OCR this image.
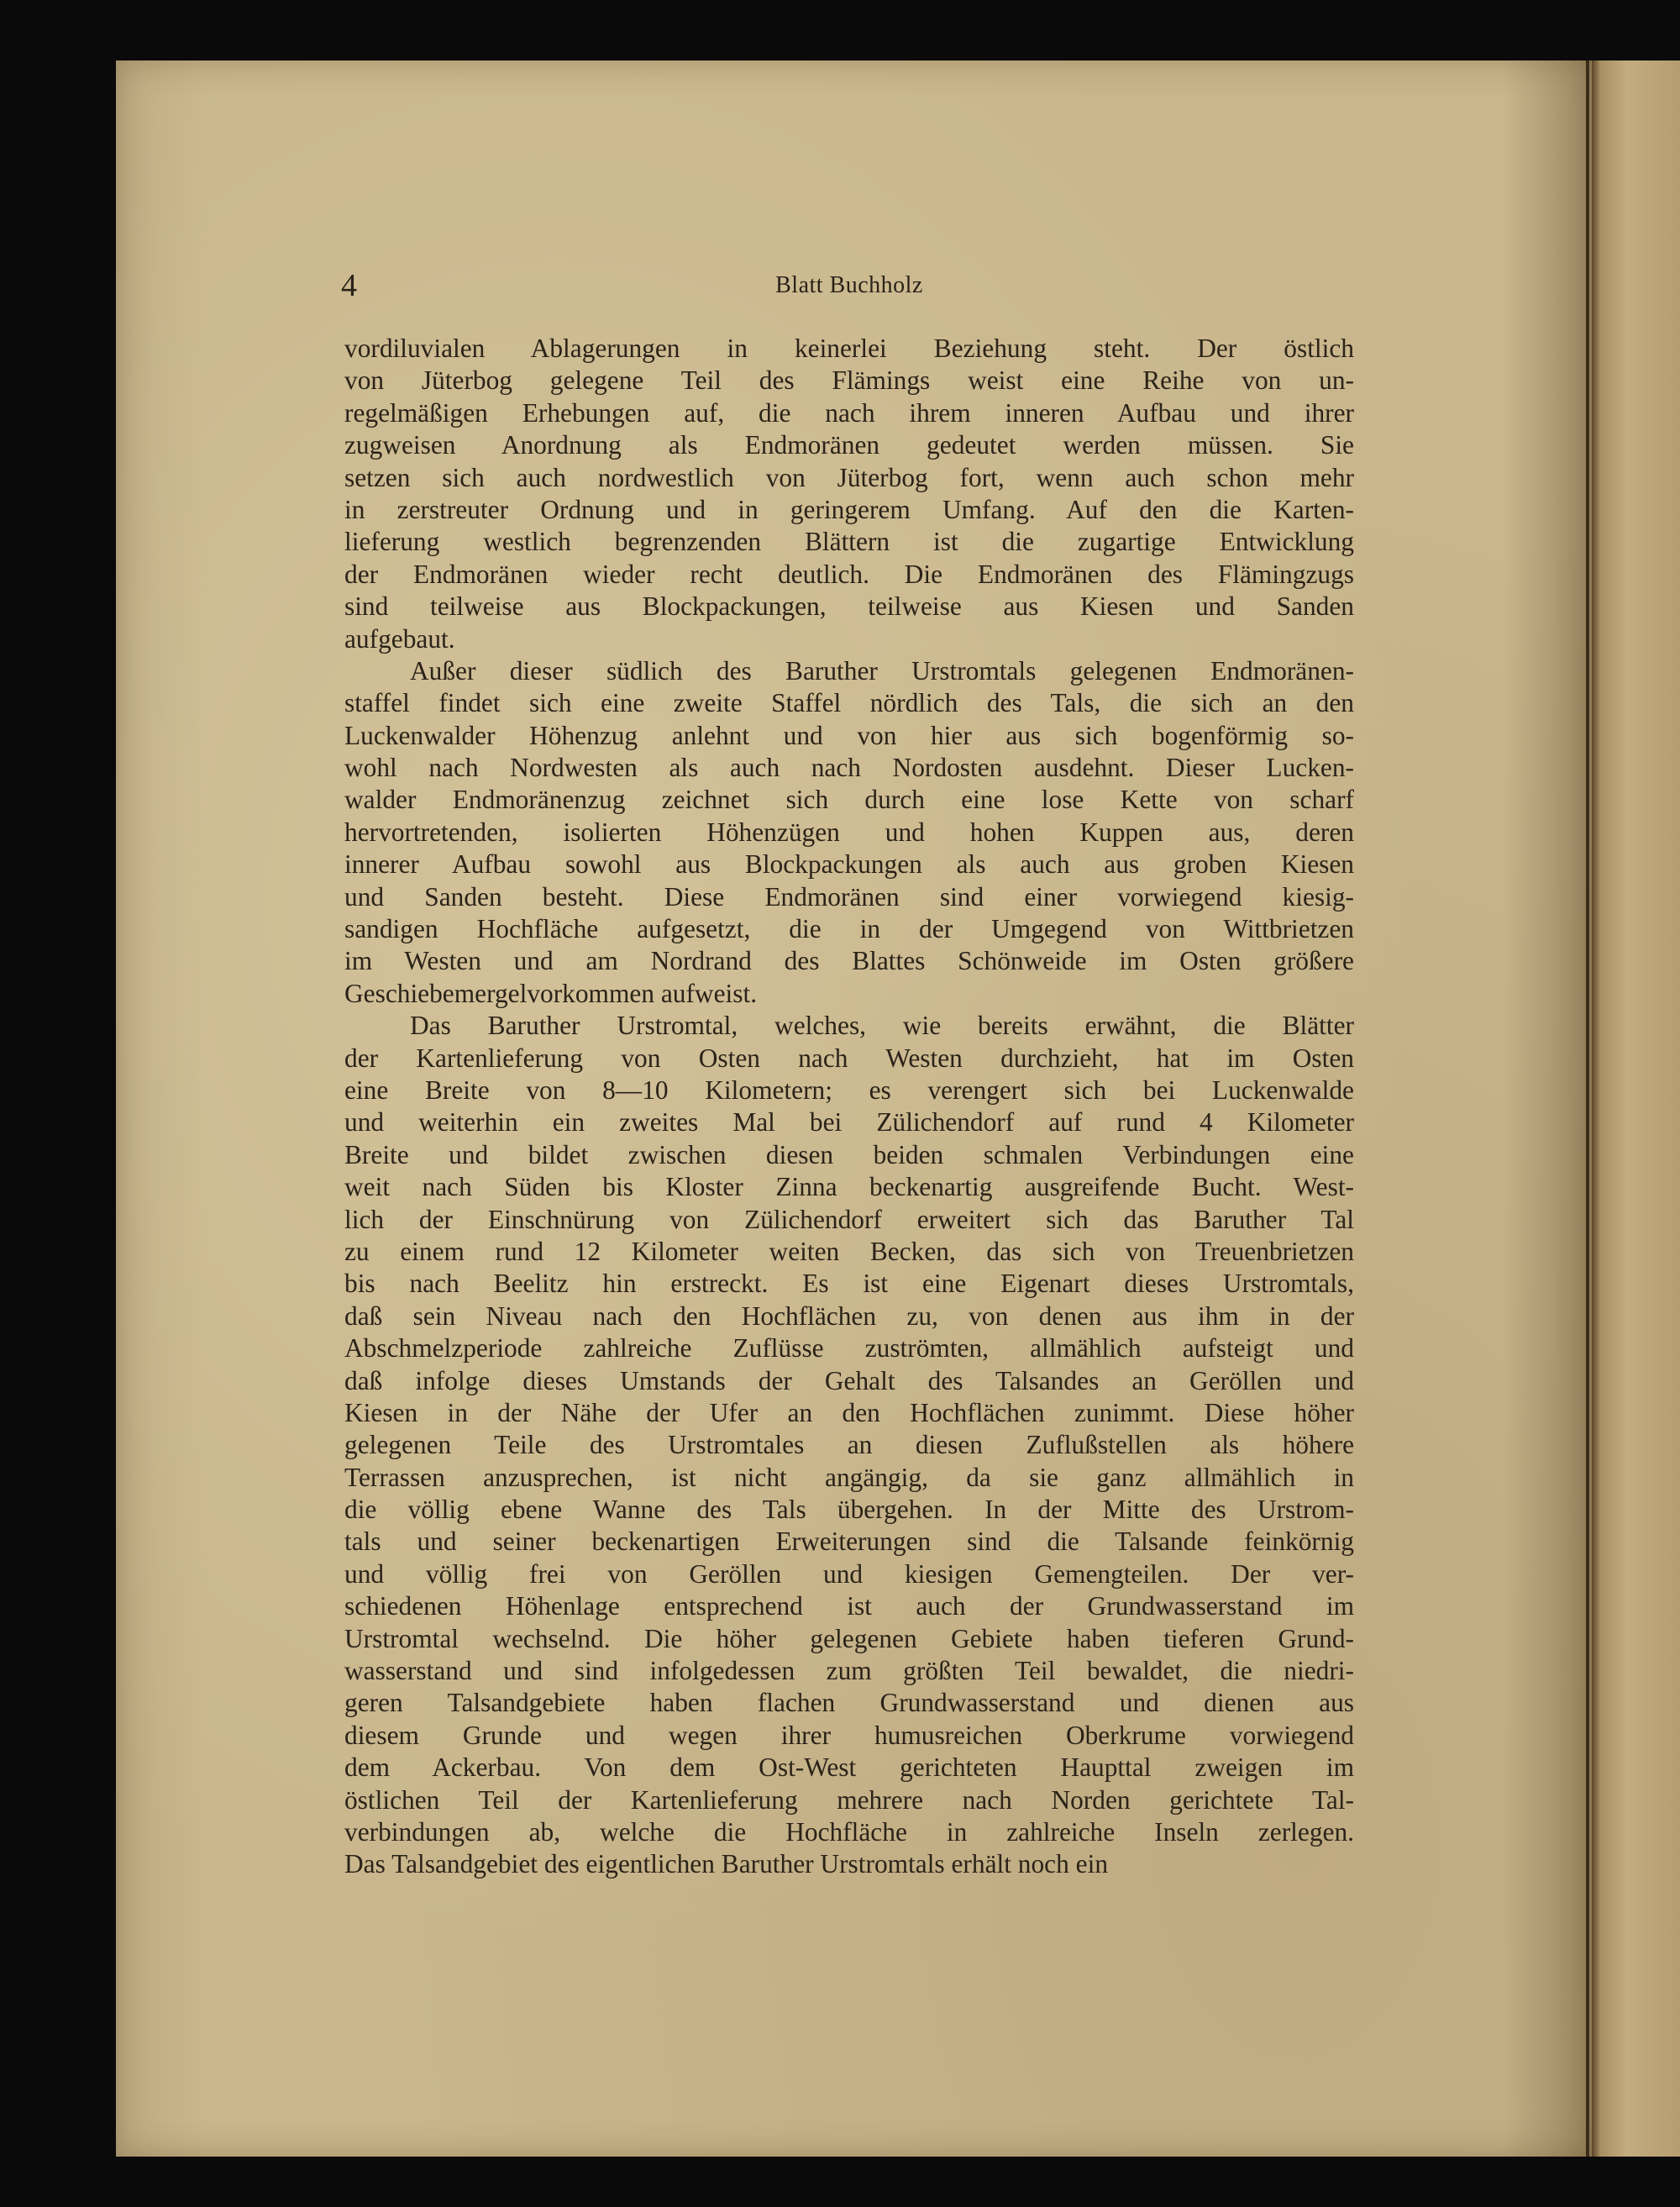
4	Blatt Buchholz
vordiluvialen Ablagerungen in keinerlei Beziehung steht. Der östlich
von Jüterbog gelegene Teil des Flämings weist eine Reihe von un-
regelmäßigen Erhebungen auf, die nach ihrem inneren Aufbau und ihrer
zugweisen Anordnung als Endmoränen gedeutet werden müssen. Sie
setzen sich auch nordwestlich von Jüterbog fort, wenn auch schon mehr
in zerstreuter Ordnung und in geringerem Umfang. Auf den die Karten-
lieferung westlich begrenzenden Blättern ist die zugartige Entwicklung
der Endmoränen wieder recht deutlich. Die Endmoränen des Flämingzugs
sind teilweise aus Blockpackungen, teilweise aus Kiesen und Sanden
aufgebaut.
Außer dieser südlich des Baruther Urstromtals gelegenen Endmoränen-
staffel findet sich eine zweite Staffel nördlich des Tals, die sich an den
Luckenwalder Höhenzug anlehnt und von hier aus sich bogenförmig so-
wohl nach Nordwesten als auch nach Nordosten ausdehnt. Dieser Lucken-
walder Endmoränenzug zeichnet sich durch eine lose Kette von scharf
hervortretenden, isolierten Höhenzügen und hohen Kuppen aus, deren
innerer Aufbau sowohl aus Blockpackungen als auch aus groben Kiesen
und Sanden besteht. Diese Endmoränen sind einer vorwiegend kiesig-
sandigen Hochfläche aufgesetzt, die in der Umgegend von Wittbrietzen
im Westen und am Nordrand des Blattes Schönweide im Osten größere
Geschiebemergelvorkommen aufweist.
Das Baruther Urstromtal, welches, wie bereits erwähnt, die Blätter
der Kartenlieferung von Osten nach Westen durchzieht, hat im Osten
eine Breite von 8—10 Kilometern; es verengert sich bei Luckenwalde
und weiterhin ein zweites Mal bei Zülichendorf auf rund 4 Kilometer
Breite und bildet zwischen diesen beiden schmalen Verbindungen eine
weit nach Süden bis Kloster Zinna beckenartig ausgreifende Bucht. West-
lich der Einschnürung von Zülichendorf erweitert sich das Baruther Tal
zu einem rund 12 Kilometer weiten Becken, das sich von Treuenbrietzen
bis nach Beelitz hin erstreckt. Es ist eine Eigenart dieses Urstromtals,
daß sein Niveau nach den Hochflächen zu, von denen aus ihm in der
Abschmelzperiode zahlreiche Zuflüsse zuströmten, allmählich aufsteigt und
daß infolge dieses Umstands der Gehalt des Talsandes an Geröllen und
Kiesen in der Nähe der Ufer an den Hochflächen zunimmt. Diese höher
gelegenen Teile des Urstromtales an diesen Zuflußstellen als höhere
Terrassen anzusprechen, ist nicht angängig, da sie ganz allmählich in
die völlig ebene Wanne des Tals übergehen. In der Mitte des Urstrom-
tals und seiner beckenartigen Erweiterungen sind die Talsande feinkörnig
und völlig frei von Geröllen und kiesigen Gemengteilen. Der ver-
schiedenen Höhenlage entsprechend ist auch der Grundwasserstand im
Urstromtal wechselnd. Die höher gelegenen Gebiete haben tieferen Grund-
wasserstand und sind infolgedessen zum größten Teil bewaldet, die niedri-
geren Talsandgebiete haben flachen Grundwasserstand und dienen aus
diesem Grunde und wegen ihrer humusreichen Oberkrume vorwiegend
dem Ackerbau. Von dem Ost-West gerichteten Haupttal zweigen im
östlichen Teil der Kartenlieferung mehrere nach Norden gerichtete Tal-
verbindungen ab, welche die Hochfläche in zahlreiche Inseln zerlegen.
Das Talsandgebiet des eigentlichen Baruther Urstromtals erhält noch ein
